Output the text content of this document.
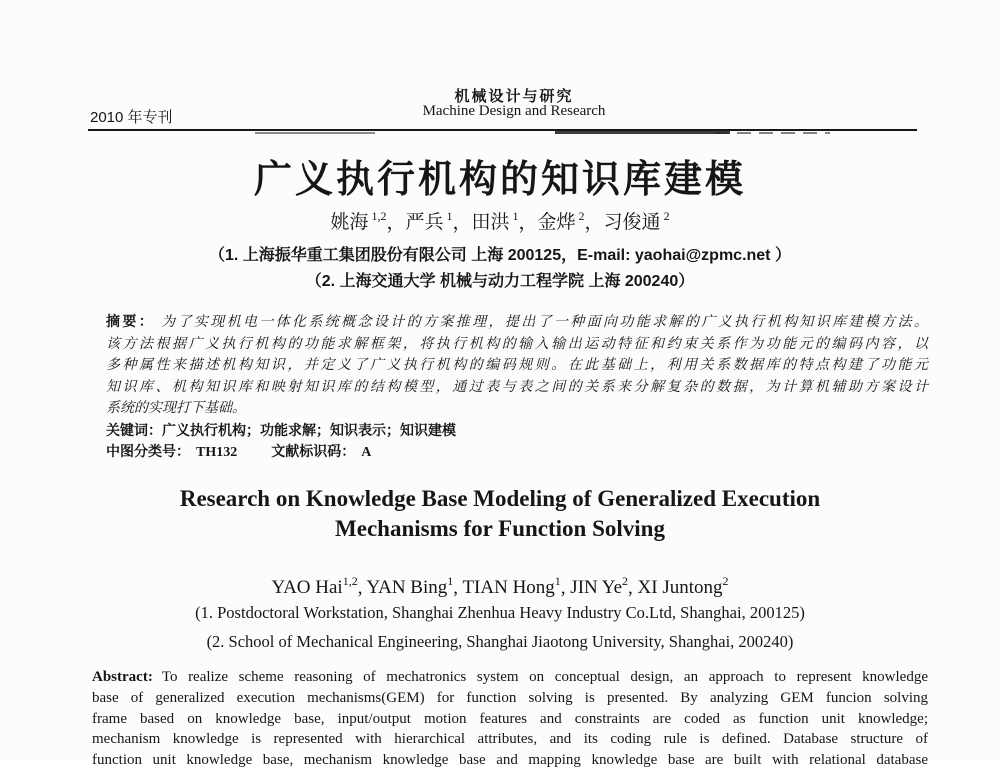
机械设计与研究
Machine Design and Research
2010 年专刊
广义执行机构的知识库建模
姚海 $^{1,2}$，严兵 $^1$，田洪 $^1$，金烨 $^2$，习俊通 $^2$
（1. 上海振华重工集团股份有限公司 上海 200125，E-mail: yaohai@zpmc.net ）
（2. 上海交通大学 机械与动力工程学院 上海 200240）
摘要： 为了实现机电一体化系统概念设计的方案推理，提出了一种面向功能求解的广义执行机构知识库建模方法。
该方法根据广义执行机构的功能求解框架，将执行机构的输入输出运动特征和约束关系作为功能元的编码内容，以
多种属性来描述机构知识，并定义了广义执行机构的编码规则。在此基础上，利用关系数据库的特点构建了功能元
知识库、机构知识库和映射知识库的结构模型，通过表与表之间的关系来分解复杂的数据，为计算机辅助方案设计
系统的实现打下基础。
关键词：广义执行机构；功能求解；知识表示；知识建模
中图分类号： TH132 文献标识码： A
Research on Knowledge Base Modeling of Generalized Execution
Mechanisms for Function Solving
YAO Hai$^{1,2}$, YAN Bing$^1$, TIAN Hong$^1$, JIN Ye$^2$, XI Juntong$^2$
(1. Postdoctoral Workstation, Shanghai Zhenhua Heavy Industry Co.Ltd, Shanghai, 200125)
(2. School of Mechanical Engineering, Shanghai Jiaotong University, Shanghai, 200240)
Abstract: To realize scheme reasoning of mechatronics system on conceptual design, an approach to represent knowledge
base of generalized execution mechanisms(GEM) for function solving is presented. By analyzing GEM funcion solving
frame based on knowledge base, input/output motion features and constraints are coded as function unit knowledge;
mechanism knowledge is represented with hierarchical attributes, and its coding rule is defined. Database structure of
function unit knowledge base, mechanism knowledge base and mapping knowledge base are built with relational database
